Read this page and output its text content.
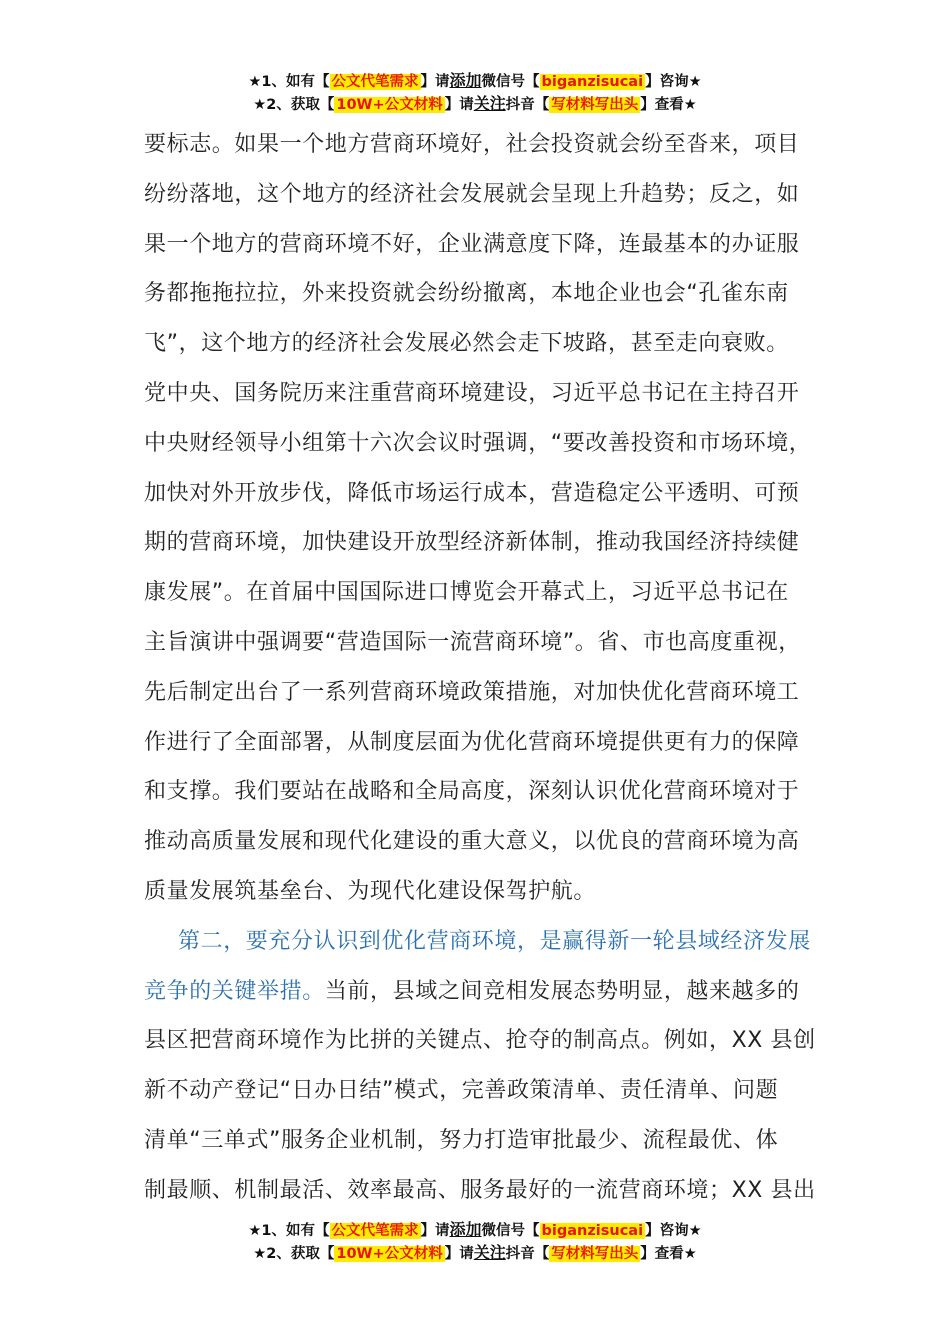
★1、如有【 公文代笔需求 】请添加微信号【 biganzisucai 】咨询★
★2、获取【 10W+公文材料 】请关注抖音【 写材料写出头 】查看★
要标志。如果一个地方营商环境好，社会投资就会纷至沓来，项目
纷纷落地，这个地方的经济社会发展就会呈现上升趋势；反之，如
果一个地方的营商环境不好，企业满意度下降，连最基本的办证服
务都拖拖拉拉，外来投资就会纷纷撤离，本地企业也会“孔雀东南
飞”，这个地方的经济社会发展必然会走下坡路，甚至走向衰败。
党中央、国务院历来注重营商环境建设，习近平总书记在主持召开
中央财经领导小组第十六次会议时强调，“要改善投资和市场环境，
加快对外开放步伐，降低市场运行成本，营造稳定公平透明、可预
期的营商环境，加快建设开放型经济新体制，推动我国经济持续健
康发展”。在首届中国国际进口博览会开幕式上，习近平总书记在
主旨演讲中强调要“营造国际一流营商环境”。省、市也高度重视，
先后制定出台了一系列营商环境政策措施，对加快优化营商环境工
作进行了全面部署，从制度层面为优化营商环境提供更有力的保障
和支撑。我们要站在战略和全局高度，深刻认识优化营商环境对于
推动高质量发展和现代化建设的重大意义，以优良的营商环境为高
质量发展筑基垒台、为现代化建设保驾护航。
第二，要充分认识到优化营商环境，是赢得新一轮县域经济发展
竞争的关键举措。当前，县域之间竞相发展态势明显，越来越多的
县区把营商环境作为比拼的关键点、抢夺的制高点。例如，XX 县创
新不动产登记“日办日结”模式，完善政策清单、责任清单、问题
清单“三单式”服务企业机制，努力打造审批最少、流程最优、体
制最顺、机制最活、效率最高、服务最好的一流营商环境；XX 县出
★1、如有【 公文代笔需求 】请添加微信号【 biganzisucai 】咨询★
★2、获取【 10W+公文材料 】请关注抖音【 写材料写出头 】查看★
